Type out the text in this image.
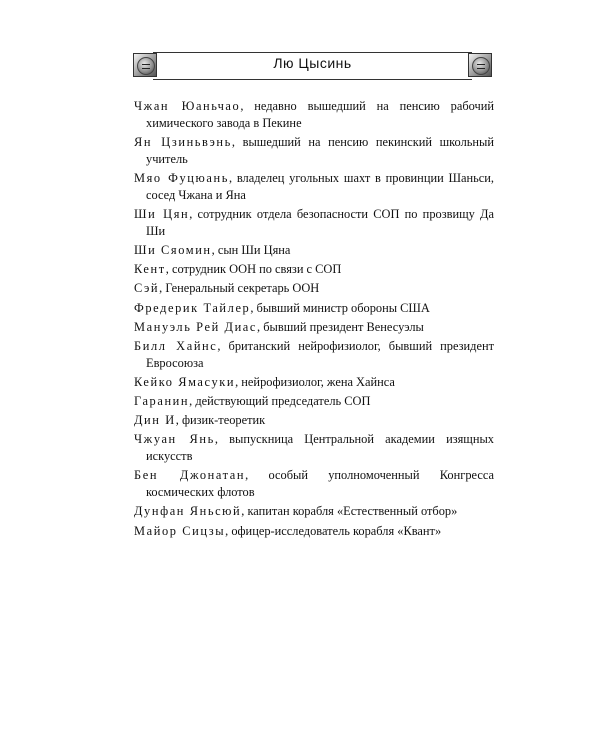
Лю Цысинь
Чжан Юаньчао, недавно вышедший на пенсию рабочий химического завода в Пекине
Ян Цзиньвэнь, вышедший на пенсию пекинский школьный учитель
Мяо Фуцюань, владелец угольных шахт в провинции Шаньси, сосед Чжана и Яна
Ши Цян, сотрудник отдела безопасности СОП по прозвищу Да Ши
Ши Сяомин, сын Ши Цяна
Кент, сотрудник ООН по связи с СОП
Сэй, Генеральный секретарь ООН
Фредерик Тайлер, бывший министр обороны США
Мануэль Рей Диас, бывший президент Венесуэлы
Билл Хайнс, британский нейрофизиолог, бывший президент Евросоюза
Кейко Ямасуки, нейрофизиолог, жена Хайнса
Гаранин, действующий председатель СОП
Дин И, физик-теоретик
Чжуан Янь, выпускница Центральной академии изящных искусств
Бен Джонатан, особый уполномоченный Конгресса космических флотов
Дунфан Яньсюй, капитан корабля «Естественный отбор»
Майор Сицзы, офицер-исследователь корабля «Квант»
